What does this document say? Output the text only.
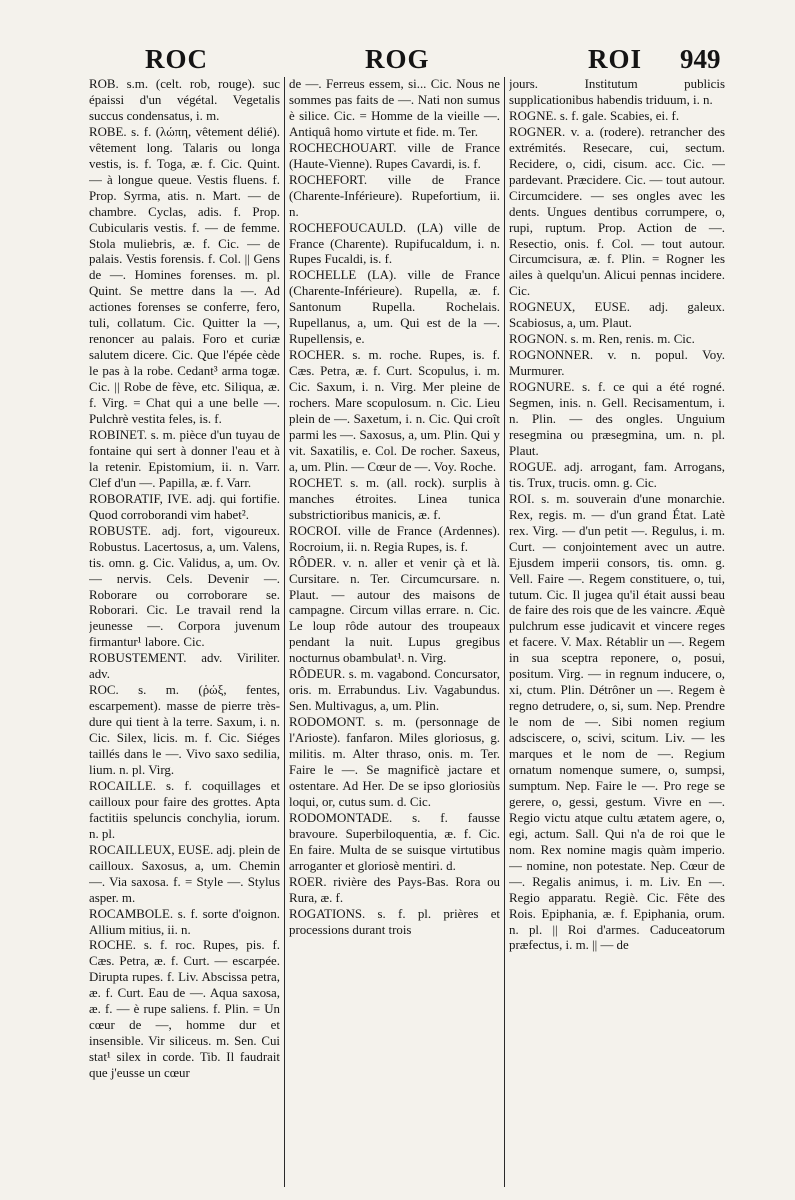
ROC	ROG	ROI 949

ROB. s.m. (celt. rob, rouge). suc épaissi d'un végétal. Vegetalis succus condensatus, i. m.

ROBE. s. f. (λώπη, vêtement délié). vêtement long. Talaris ou longa vestis, is. f. Toga, æ. f. Cic. Quint. — à longue queue. Vestis fluens. f. Prop. Syrma, atis. n. Mart. — de chambre. Cyclas, adis. f. Prop. Cubicularis vestis. f. — de femme. Stola muliebris, æ. f. Cic. — de palais. Vestis forensis. f. Col. || Gens de —. Homines forenses. m. pl. Quint. Se mettre dans la —. Ad actiones forenses se conferre, fero, tuli, collatum. Cic. Quitter la —, renoncer au palais. Foro et curiæ salutem dicere. Cic. Que l'épée cède le pas à la robe. Cedant³ arma togæ. Cic. || Robe de fève, etc. Siliqua, æ. f. Virg. = Chat qui a une belle —. Pulchrè vestita feles, is. f.

ROBINET. s. m. pièce d'un tuyau de fontaine qui sert à donner l'eau et à la retenir. Epistomium, ii. n. Varr. Clef d'un —. Papilla, æ. f. Varr.

ROBORATIF, IVE. adj. qui fortifie. Quod corroborandi vim habet².

ROBUSTE. adj. fort, vigoureux. Robustus. Lacertosus, a, um. Valens, tis. omn. g. Cic. Validus, a, um. Ov. — nervis. Cels. Devenir —. Roborare ou corroborare se. Roborari. Cic. Le travail rend la jeunesse —. Corpora juvenum firmantur¹ labore. Cic.

ROBUSTEMENT. adv. Viriliter. adv.

ROC. s. m. (ῥώξ, fentes, escarpement). masse de pierre très-dure qui tient à la terre. Saxum, i. n. Cic. Silex, licis. m. f. Cic. Siéges taillés dans le —. Vivo saxo sedilia, lium. n. pl. Virg.

ROCAILLE. s. f. coquillages et cailloux pour faire des grottes. Apta factitiis speluncis conchylia, iorum. n. pl.

ROCAILLEUX, EUSE. adj. plein de cailloux. Saxosus, a, um. Chemin —. Via saxosa. f. = Style —. Stylus asper. m.

ROCAMBOLE. s. f. sorte d'oignon. Allium mitius, ii. n.

ROCHE. s. f. roc. Rupes, pis. f. Cæs. Petra, æ. f. Curt. — escarpée. Dirupta rupes. f. Liv. Abscissa petra, æ. f. Curt. Eau de —. Aqua saxosa, æ. f. — è rupe saliens. f. Plin. = Un cœur de —, homme dur et insensible. Vir siliceus. m. Sen. Cui stat¹ silex in corde. Tib. Il faudrait que j'eusse un cœur

de —. Ferreus essem, si... Cic. Nous ne sommes pas faits de —. Nati non sumus è silice. Cic. = Homme de la vieille —. Antiquâ homo virtute et fide. m. Ter.

ROCHECHOUART. ville de France (Haute-Vienne). Rupes Cavardi, is. f.

ROCHEFORT. ville de France (Charente-Inférieure). Rupefortium, ii. n.

ROCHEFOUCAULD. (LA) ville de France (Charente). Rupifucaldum, i. n. Rupes Fucaldi, is. f.

ROCHELLE (LA). ville de France (Charente-Inférieure). Rupella, æ. f. Santonum Rupella. Rochelais. Rupellanus, a, um. Qui est de la —. Rupellensis, e.

ROCHER. s. m. roche. Rupes, is. f. Cæs. Petra, æ. f. Curt. Scopulus, i. m. Cic. Saxum, i. n. Virg. Mer pleine de rochers. Mare scopulosum. n. Cic. Lieu plein de —. Saxetum, i. n. Cic. Qui croît parmi les —. Saxosus, a, um. Plin. Qui y vit. Saxatilis, e. Col. De rocher. Saxeus, a, um. Plin. — Cœur de —. Voy. Roche.

ROCHET. s. m. (all. rock). surplis à manches étroites. Linea tunica substrictioribus manicis, æ. f.

ROCROI. ville de France (Ardennes). Rocroium, ii. n. Regia Rupes, is. f.

RÔDER. v. n. aller et venir çà et là. Cursitare. n. Ter. Circumcursare. n. Plaut. — autour des maisons de campagne. Circum villas errare. n. Cic. Le loup rôde autour des troupeaux pendant la nuit. Lupus gregibus nocturnus obambulat¹. n. Virg.

RÔDEUR. s. m. vagabond. Concursator, oris. m. Errabundus. Liv. Vagabundus. Sen. Multivagus, a, um. Plin.

RODOMONT. s. m. (personnage de l'Arioste). fanfaron. Miles gloriosus, g. militis. m. Alter thraso, onis. m. Ter. Faire le —. Se magnificè jactare et ostentare. Ad Her. De se ipso gloriosiùs loqui, or, cutus sum. d. Cic.

RODOMONTADE. s. f. fausse bravoure. Superbiloquentia, æ. f. Cic. En faire. Multa de se suisque virtutibus arroganter et gloriosè mentiri. d.

ROER. rivière des Pays-Bas. Rora ou Rura, æ. f.

ROGATIONS. s. f. pl. prières et processions durant trois

jours. Institutum publicis supplicationibus habendis triduum, i. n.

ROGNE. s. f. gale. Scabies, ei. f.

ROGNER. v. a. (rodere). retrancher des extrémités. Resecare, cui, sectum. Recidere, o, cidi, cisum. acc. Cic. — pardevant. Præcidere. Cic. — tout autour. Circumcidere. — ses ongles avec les dents. Ungues dentibus corrumpere, o, rupi, ruptum. Prop. Action de —. Resectio, onis. f. Col. — tout autour. Circumcisura, æ. f. Plin. = Rogner les ailes à quelqu'un. Alicui pennas incidere. Cic.

ROGNEUX, EUSE. adj. galeux. Scabiosus, a, um. Plaut.

ROGNON. s. m. Ren, renis. m. Cic.

ROGNONNER. v. n. popul. Voy. Murmurer.

ROGNURE. s. f. ce qui a été rogné. Segmen, inis. n. Gell. Recisamentum, i. n. Plin. — des ongles. Unguium resegmina ou præsegmina, um. n. pl. Plaut.

ROGUE. adj. arrogant, fam. Arrogans, tis. Trux, trucis. omn. g. Cic.

ROI. s. m. souverain d'une monarchie. Rex, regis. m. — d'un grand État. Latè rex. Virg. — d'un petit —. Regulus, i. m. Curt. — conjointement avec un autre. Ejusdem imperii consors, tis. omn. g. Vell. Faire —. Regem constituere, o, tui, tutum. Cic. Il jugea qu'il était aussi beau de faire des rois que de les vaincre. Æquè pulchrum esse judicavit et vincere reges et facere. V. Max. Rétablir un —. Regem in sua sceptra reponere, o, posui, positum. Virg. — in regnum inducere, o, xi, ctum. Plin. Détrôner un —. Regem è regno detrudere, o, si, sum. Nep. Prendre le nom de —. Sibi nomen regium adsciscere, o, scivi, scitum. Liv. — les marques et le nom de —. Regium ornatum nomenque sumere, o, sumpsi, sumptum. Nep. Faire le —. Pro rege se gerere, o, gessi, gestum. Vivre en —. Regio victu atque cultu ætatem agere, o, egi, actum. Sall. Qui n'a de roi que le nom. Rex nomine magis quàm imperio. — nomine, non potestate. Nep. Cœur de —. Regalis animus, i. m. Liv. En —. Regio apparatu. Regiè. Cic. Fête des Rois. Epiphania, æ. f. Epiphania, orum. n. pl. || Roi d'armes. Caduceatorum præfectus, i. m. || — de
